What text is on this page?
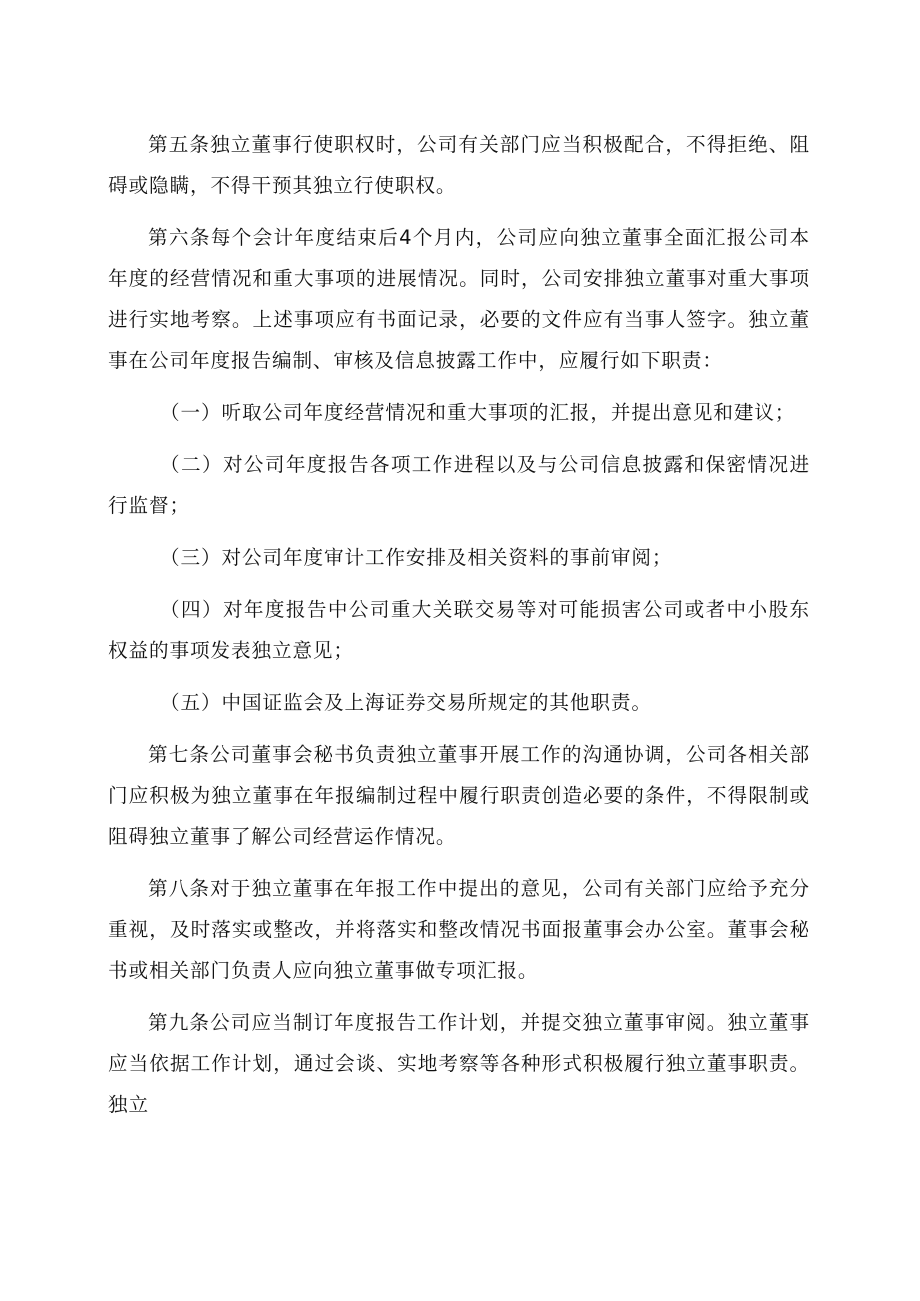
第五条独立董事行使职权时，公司有关部门应当积极配合，不得拒绝、阻碍或隐瞒，不得干预其独立行使职权。

第六条每个会计年度结束后4个月内，公司应向独立董事全面汇报公司本年度的经营情况和重大事项的进展情况。同时，公司安排独立董事对重大事项进行实地考察。上述事项应有书面记录，必要的文件应有当事人签字。独立董事在公司年度报告编制、审核及信息披露工作中，应履行如下职责：

（一）听取公司年度经营情况和重大事项的汇报，并提出意见和建议；

（二）对公司年度报告各项工作进程以及与公司信息披露和保密情况进行监督；

（三）对公司年度审计工作安排及相关资料的事前审阅；

（四）对年度报告中公司重大关联交易等对可能损害公司或者中小股东权益的事项发表独立意见；

（五）中国证监会及上海证券交易所规定的其他职责。

第七条公司董事会秘书负责独立董事开展工作的沟通协调，公司各相关部门应积极为独立董事在年报编制过程中履行职责创造必要的条件，不得限制或阻碍独立董事了解公司经营运作情况。

第八条对于独立董事在年报工作中提出的意见，公司有关部门应给予充分重视，及时落实或整改，并将落实和整改情况书面报董事会办公室。董事会秘书或相关部门负责人应向独立董事做专项汇报。

第九条公司应当制订年度报告工作计划，并提交独立董事审阅。独立董事应当依据工作计划，通过会谈、实地考察等各种形式积极履行独立董事职责。独立
